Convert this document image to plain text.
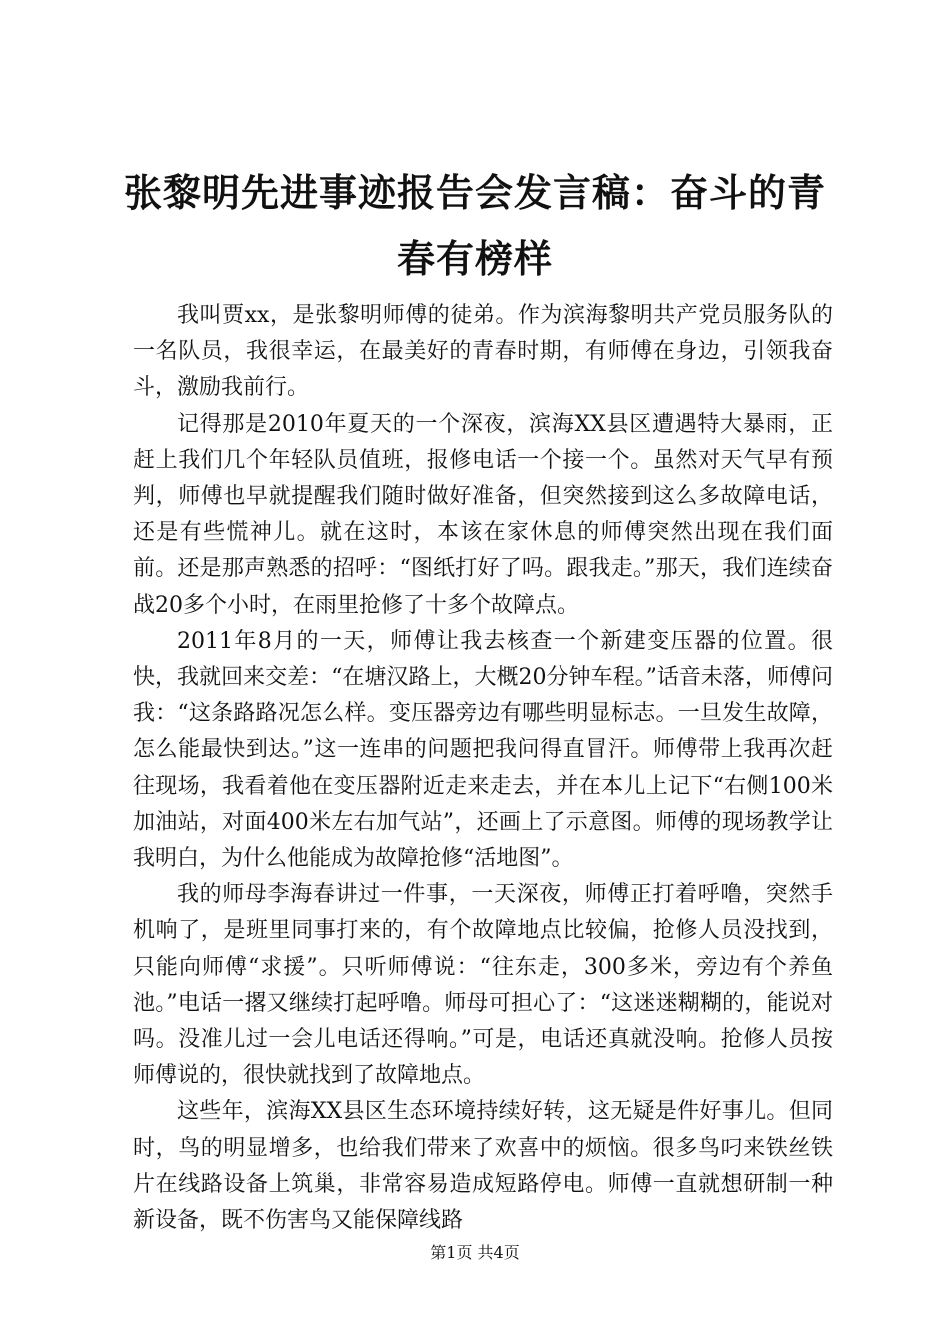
张黎明先进事迹报告会发言稿：奋斗的青春有榜样

我叫贾xx，是张黎明师傅的徒弟。作为滨海黎明共产党员服务队的一名队员，我很幸运，在最美好的青春时期，有师傅在身边，引领我奋斗，激励我前行。

记得那是2010年夏天的一个深夜，滨海XX县区遭遇特大暴雨，正赶上我们几个年轻队员值班，报修电话一个接一个。虽然对天气早有预判，师傅也早就提醒我们随时做好准备，但突然接到这么多故障电话，还是有些慌神儿。就在这时，本该在家休息的师傅突然出现在我们面前。还是那声熟悉的招呼：“图纸打好了吗。跟我走。”那天，我们连续奋战20多个小时，在雨里抢修了十多个故障点。

2011年8月的一天，师傅让我去核查一个新建变压器的位置。很快，我就回来交差：“在塘汉路上，大概20分钟车程。”话音未落，师傅问我：“这条路路况怎么样。变压器旁边有哪些明显标志。一旦发生故障，怎么能最快到达。”这一连串的问题把我问得直冒汗。师傅带上我再次赶往现场，我看着他在变压器附近走来走去，并在本儿上记下“右侧100米加油站，对面400米左右加气站”，还画上了示意图。师傅的现场教学让我明白，为什么他能成为故障抢修“活地图”。

我的师母李海春讲过一件事，一天深夜，师傅正打着呼噜，突然手机响了，是班里同事打来的，有个故障地点比较偏，抢修人员没找到，只能向师傅“求援”。只听师傅说：“往东走，300多米，旁边有个养鱼池。”电话一撂又继续打起呼噜。师母可担心了：“这迷迷糊糊的，能说对吗。没准儿过一会儿电话还得响。”可是，电话还真就没响。抢修人员按师傅说的，很快就找到了故障地点。

这些年，滨海XX县区生态环境持续好转，这无疑是件好事儿。但同时，鸟的明显增多，也给我们带来了欢喜中的烦恼。很多鸟叼来铁丝铁片在线路设备上筑巢，非常容易造成短路停电。师傅一直就想研制一种新设备，既不伤害鸟又能保障线路

第1页 共4页
